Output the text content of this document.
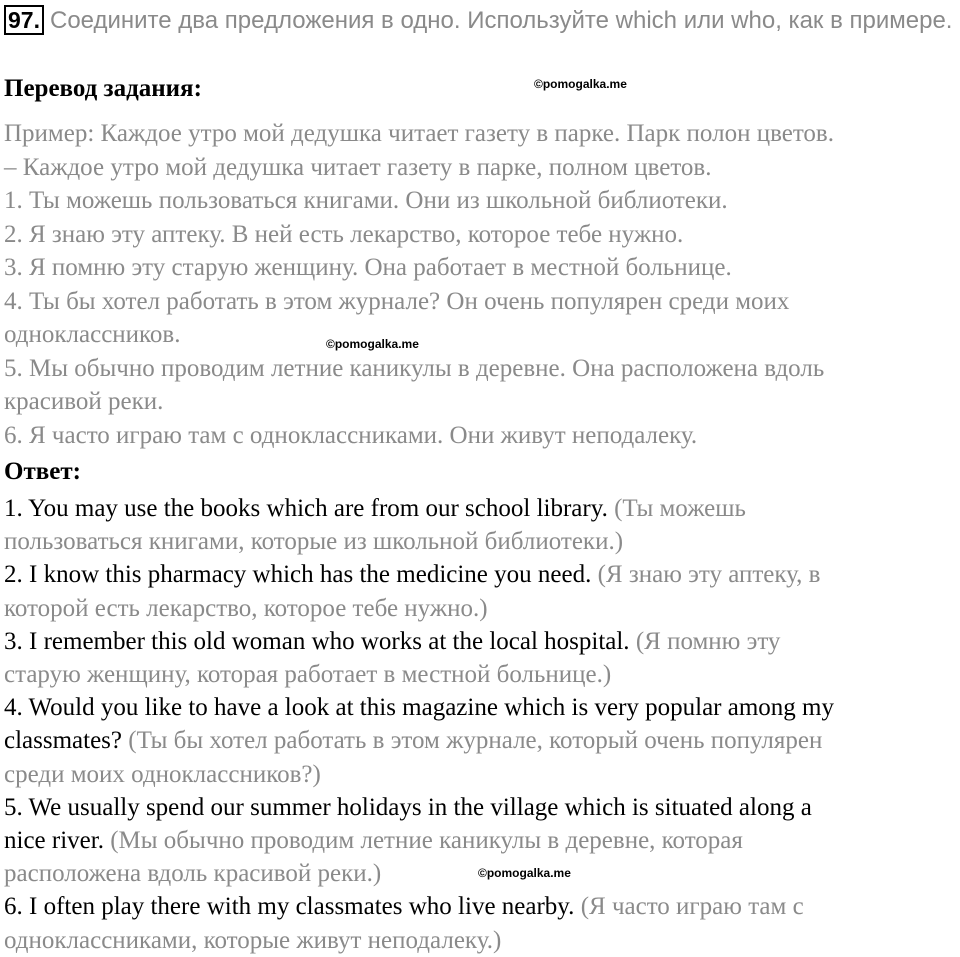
97. Соедините два предложения в одно. Используйте which или who, как в примере.
Перевод задания:	©pomogalka.me
Пример: Каждое утро мой дедушка читает газету в парке. Парк полон цветов.
– Каждое утро мой дедушка читает газету в парке, полном цветов.
1. Ты можешь пользоваться книгами. Они из школьной библиотеки.
2. Я знаю эту аптеку. В ней есть лекарство, которое тебе нужно.
3. Я помню эту старую женщину. Она работает в местной больнице.
4. Ты бы хотел работать в этом журнале? Он очень популярен среди моих
одноклассников.
5. Мы обычно проводим летние каникулы в деревне. Она расположена вдоль
красивой реки.
6. Я часто играю там с одноклассниками. Они живут неподалеку.
©pomogalka.me
Ответ:
1. You may use the books which are from our school library. (Ты можешь
пользоваться книгами, которые из школьной библиотеки.)
2. I know this pharmacy which has the medicine you need. (Я знаю эту аптеку, в
которой есть лекарство, которое тебе нужно.)
3. I remember this old woman who works at the local hospital. (Я помню эту
старую женщину, которая работает в местной больнице.)
4. Would you like to have a look at this magazine which is very popular among my
classmates? (Ты бы хотел работать в этом журнале, который очень популярен
среди моих одноклассников?)
5. We usually spend our summer holidays in the village which is situated along a
nice river. (Мы обычно проводим летние каникулы в деревне, которая
расположена вдоль красивой реки.)
6. I often play there with my classmates who live nearby. (Я часто играю там с
одноклассниками, которые живут неподалеку.)
©pomogalka.me
